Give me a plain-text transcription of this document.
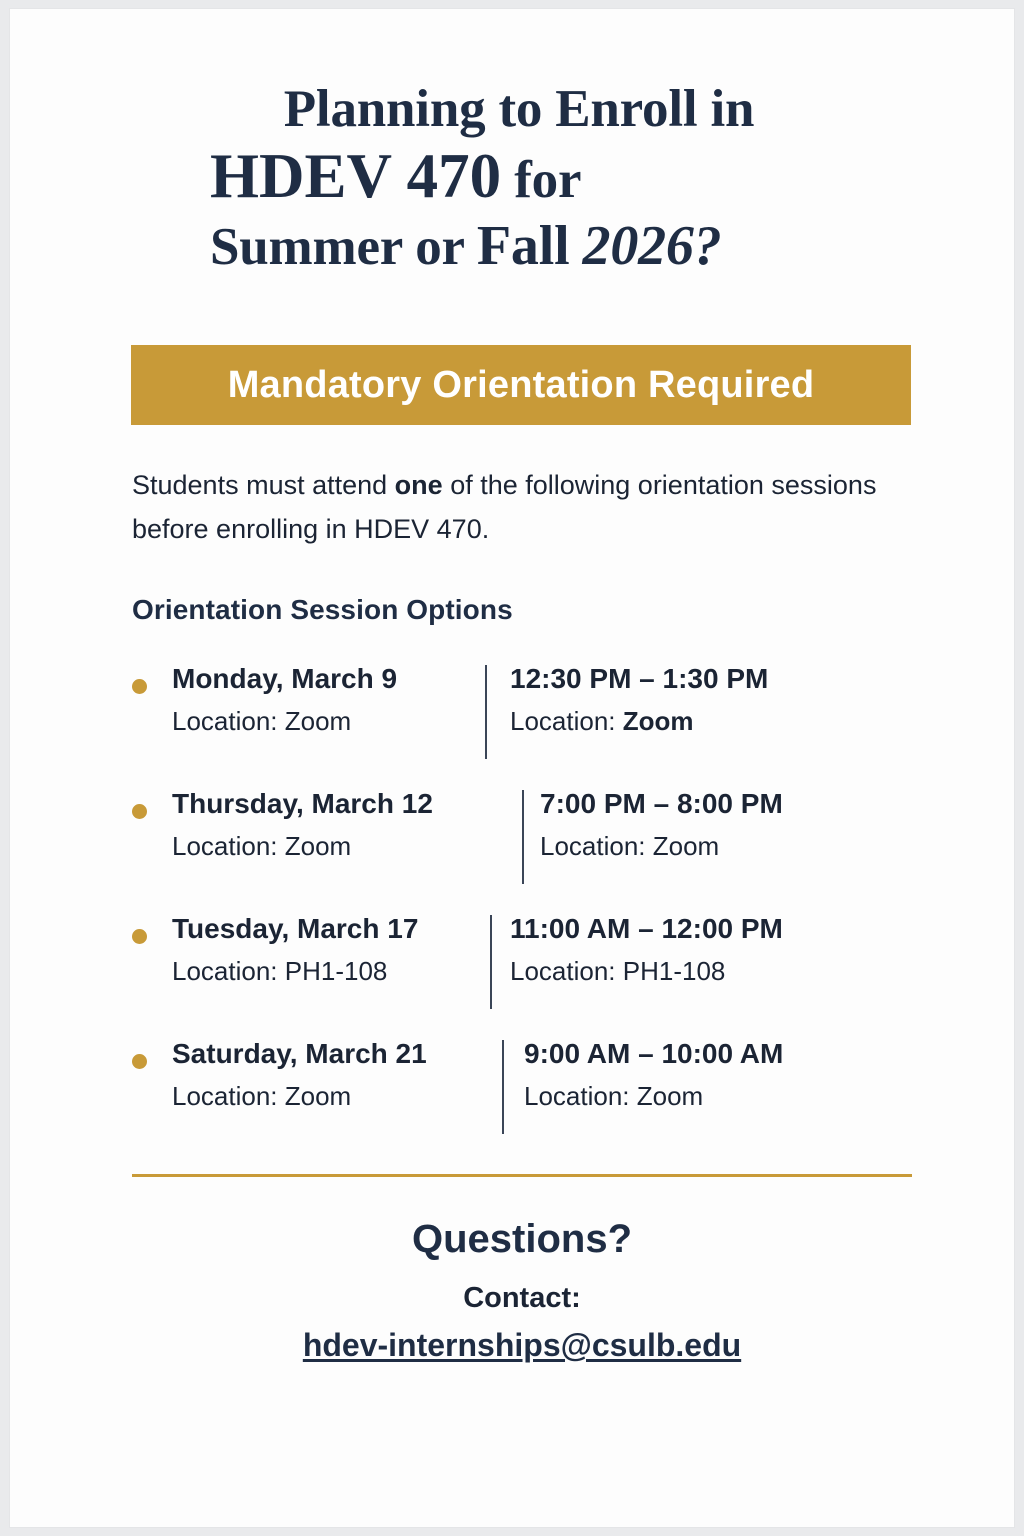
Planning to Enroll in
HDEV 470 for
Summer or Fall 2026?
Mandatory Orientation Required
Students must attend one of the following orientation sessions before enrolling in HDEV 470.
Orientation Session Options
Monday, March 9
Location: Zoom
12:30 PM – 1:30 PM
Location: Zoom
Thursday, March 12
Location: Zoom
7:00 PM – 8:00 PM
Location: Zoom
Tuesday, March 17
Location: PH1-108
11:00 AM – 12:00 PM
Location: PH1-108
Saturday, March 21
Location: Zoom
9:00 AM – 10:00 AM
Location: Zoom
Questions?
Contact:
hdev-internships@csulb.edu
